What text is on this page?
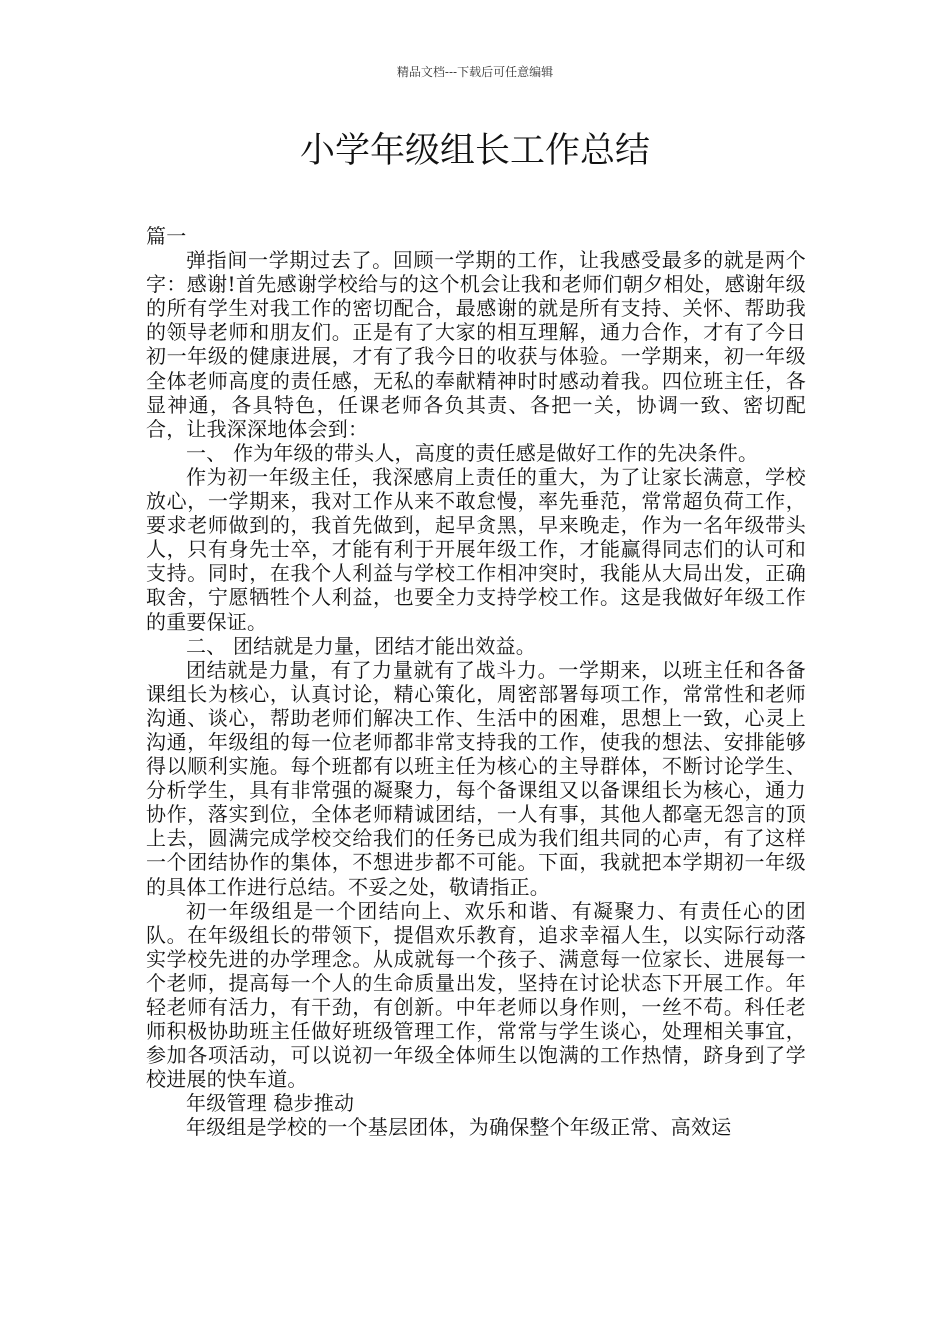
精品文档---下载后可任意编辑
小学年级组长工作总结

篇一

弹指间一学期过去了。回顾一学期的工作，让我感受最多的就是两个字：感谢!首先感谢学校给与的这个机会让我和老师们朝夕相处，感谢年级的所有学生对我工作的密切配合，最感谢的就是所有支持、关怀、帮助我的领导老师和朋友们。正是有了大家的相互理解，通力合作，才有了今日初一年级的健康进展，才有了我今日的收获与体验。一学期来，初一年级全体老师高度的责任感，无私的奉献精神时时感动着我。四位班主任，各显神通，各具特色，任课老师各负其责、各把一关，协调一致、密切配合，让我深深地体会到：

一、 作为年级的带头人，高度的责任感是做好工作的先决条件。

作为初一年级主任，我深感肩上责任的重大，为了让家长满意，学校放心，一学期来，我对工作从来不敢怠慢，率先垂范，常常超负荷工作，要求老师做到的，我首先做到，起早贪黑，早来晚走，作为一名年级带头人，只有身先士卒，才能有利于开展年级工作，才能赢得同志们的认可和支持。同时，在我个人利益与学校工作相冲突时，我能从大局出发，正确取舍，宁愿牺牲个人利益，也要全力支持学校工作。这是我做好年级工作的重要保证。

二、 团结就是力量，团结才能出效益。

团结就是力量，有了力量就有了战斗力。一学期来，以班主任和各备课组长为核心，认真讨论，精心策化，周密部署每项工作，常常性和老师沟通、谈心，帮助老师们解决工作、生活中的困难，思想上一致，心灵上沟通，年级组的每一位老师都非常支持我的工作，使我的想法、安排能够得以顺利实施。每个班都有以班主任为核心的主导群体，不断讨论学生、分析学生，具有非常强的凝聚力，每个备课组又以备课组长为核心，通力协作，落实到位，全体老师精诚团结，一人有事，其他人都毫无怨言的顶上去，圆满完成学校交给我们的任务已成为我们组共同的心声，有了这样一个团结协作的集体，不想进步都不可能。下面，我就把本学期初一年级的具体工作进行总结。不妥之处，敬请指正。

初一年级组是一个团结向上、欢乐和谐、有凝聚力、有责任心的团队。在年级组长的带领下，提倡欢乐教育，追求幸福人生，以实际行动落实学校先进的办学理念。从成就每一个孩子、满意每一位家长、进展每一个老师，提高每一个人的生命质量出发，坚持在讨论状态下开展工作。年轻老师有活力，有干劲，有创新。中年老师以身作则，一丝不苟。科任老师积极协助班主任做好班级管理工作，常常与学生谈心，处理相关事宜，参加各项活动，可以说初一年级全体师生以饱满的工作热情，跻身到了学校进展的快车道。

年级管理 稳步推动

年级组是学校的一个基层团体，为确保整个年级正常、高效运
